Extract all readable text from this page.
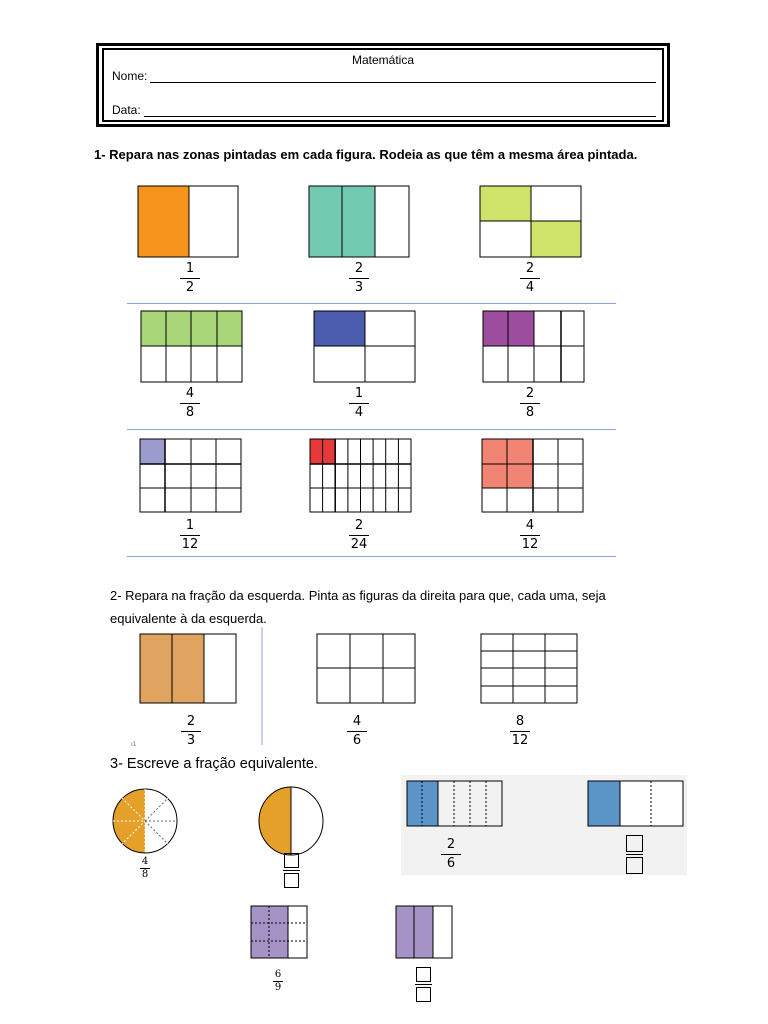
Matemática
Nome:
Data:
1- Repara nas zonas pintadas em cada figura. Rodeia as que têm a mesma área pintada.
ı1
1
2
2
3
2
4
4
8
1
4
2
8
1
12
2
24
4
12
2- Repara na fração da esquerda. Pinta as figuras da direita para que, cada uma, seja equivalente à da esquerda.
2
3
4
6
8
12
3- Escreve a fração equivalente.
4
8
2
6
6
9
